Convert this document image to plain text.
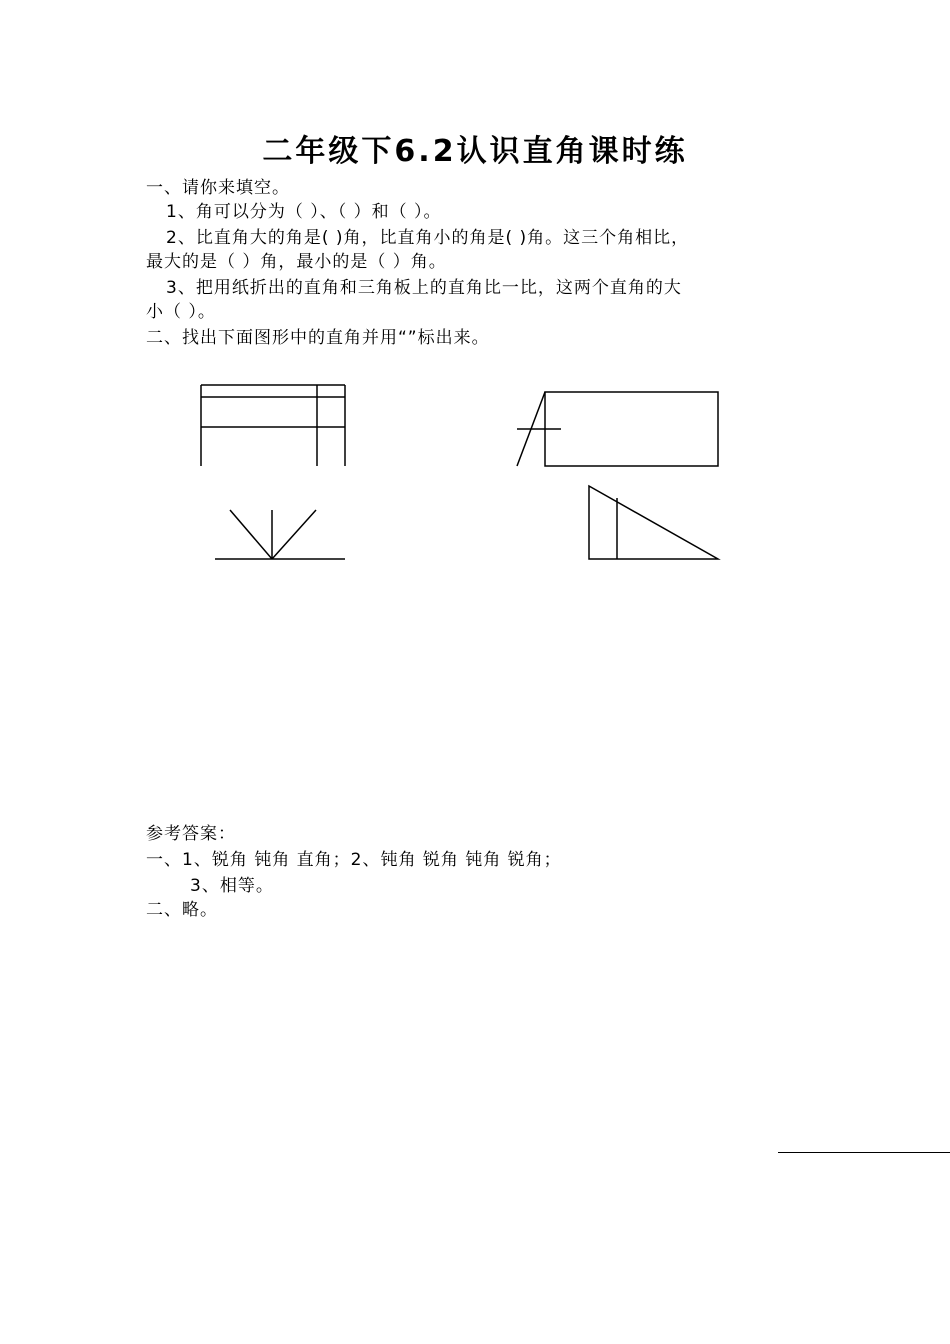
二年级下6.2认识直角课时练
一、请你来填空。
1、角可以分为（ ）、（ ）和（ ）。
2、比直角大的角是( )角，比直角小的角是( )角。这三个角相比，
最大的是（ ）角，最小的是（ ）角。
3、把用纸折出的直角和三角板上的直角比一比，这两个直角的大
小（ ）。
二、找出下面图形中的直角并用“”标出来。
参考答案：
一、1、锐角 钝角 直角；2、钝角 锐角 钝角 锐角；
3、相等。
二、略。
